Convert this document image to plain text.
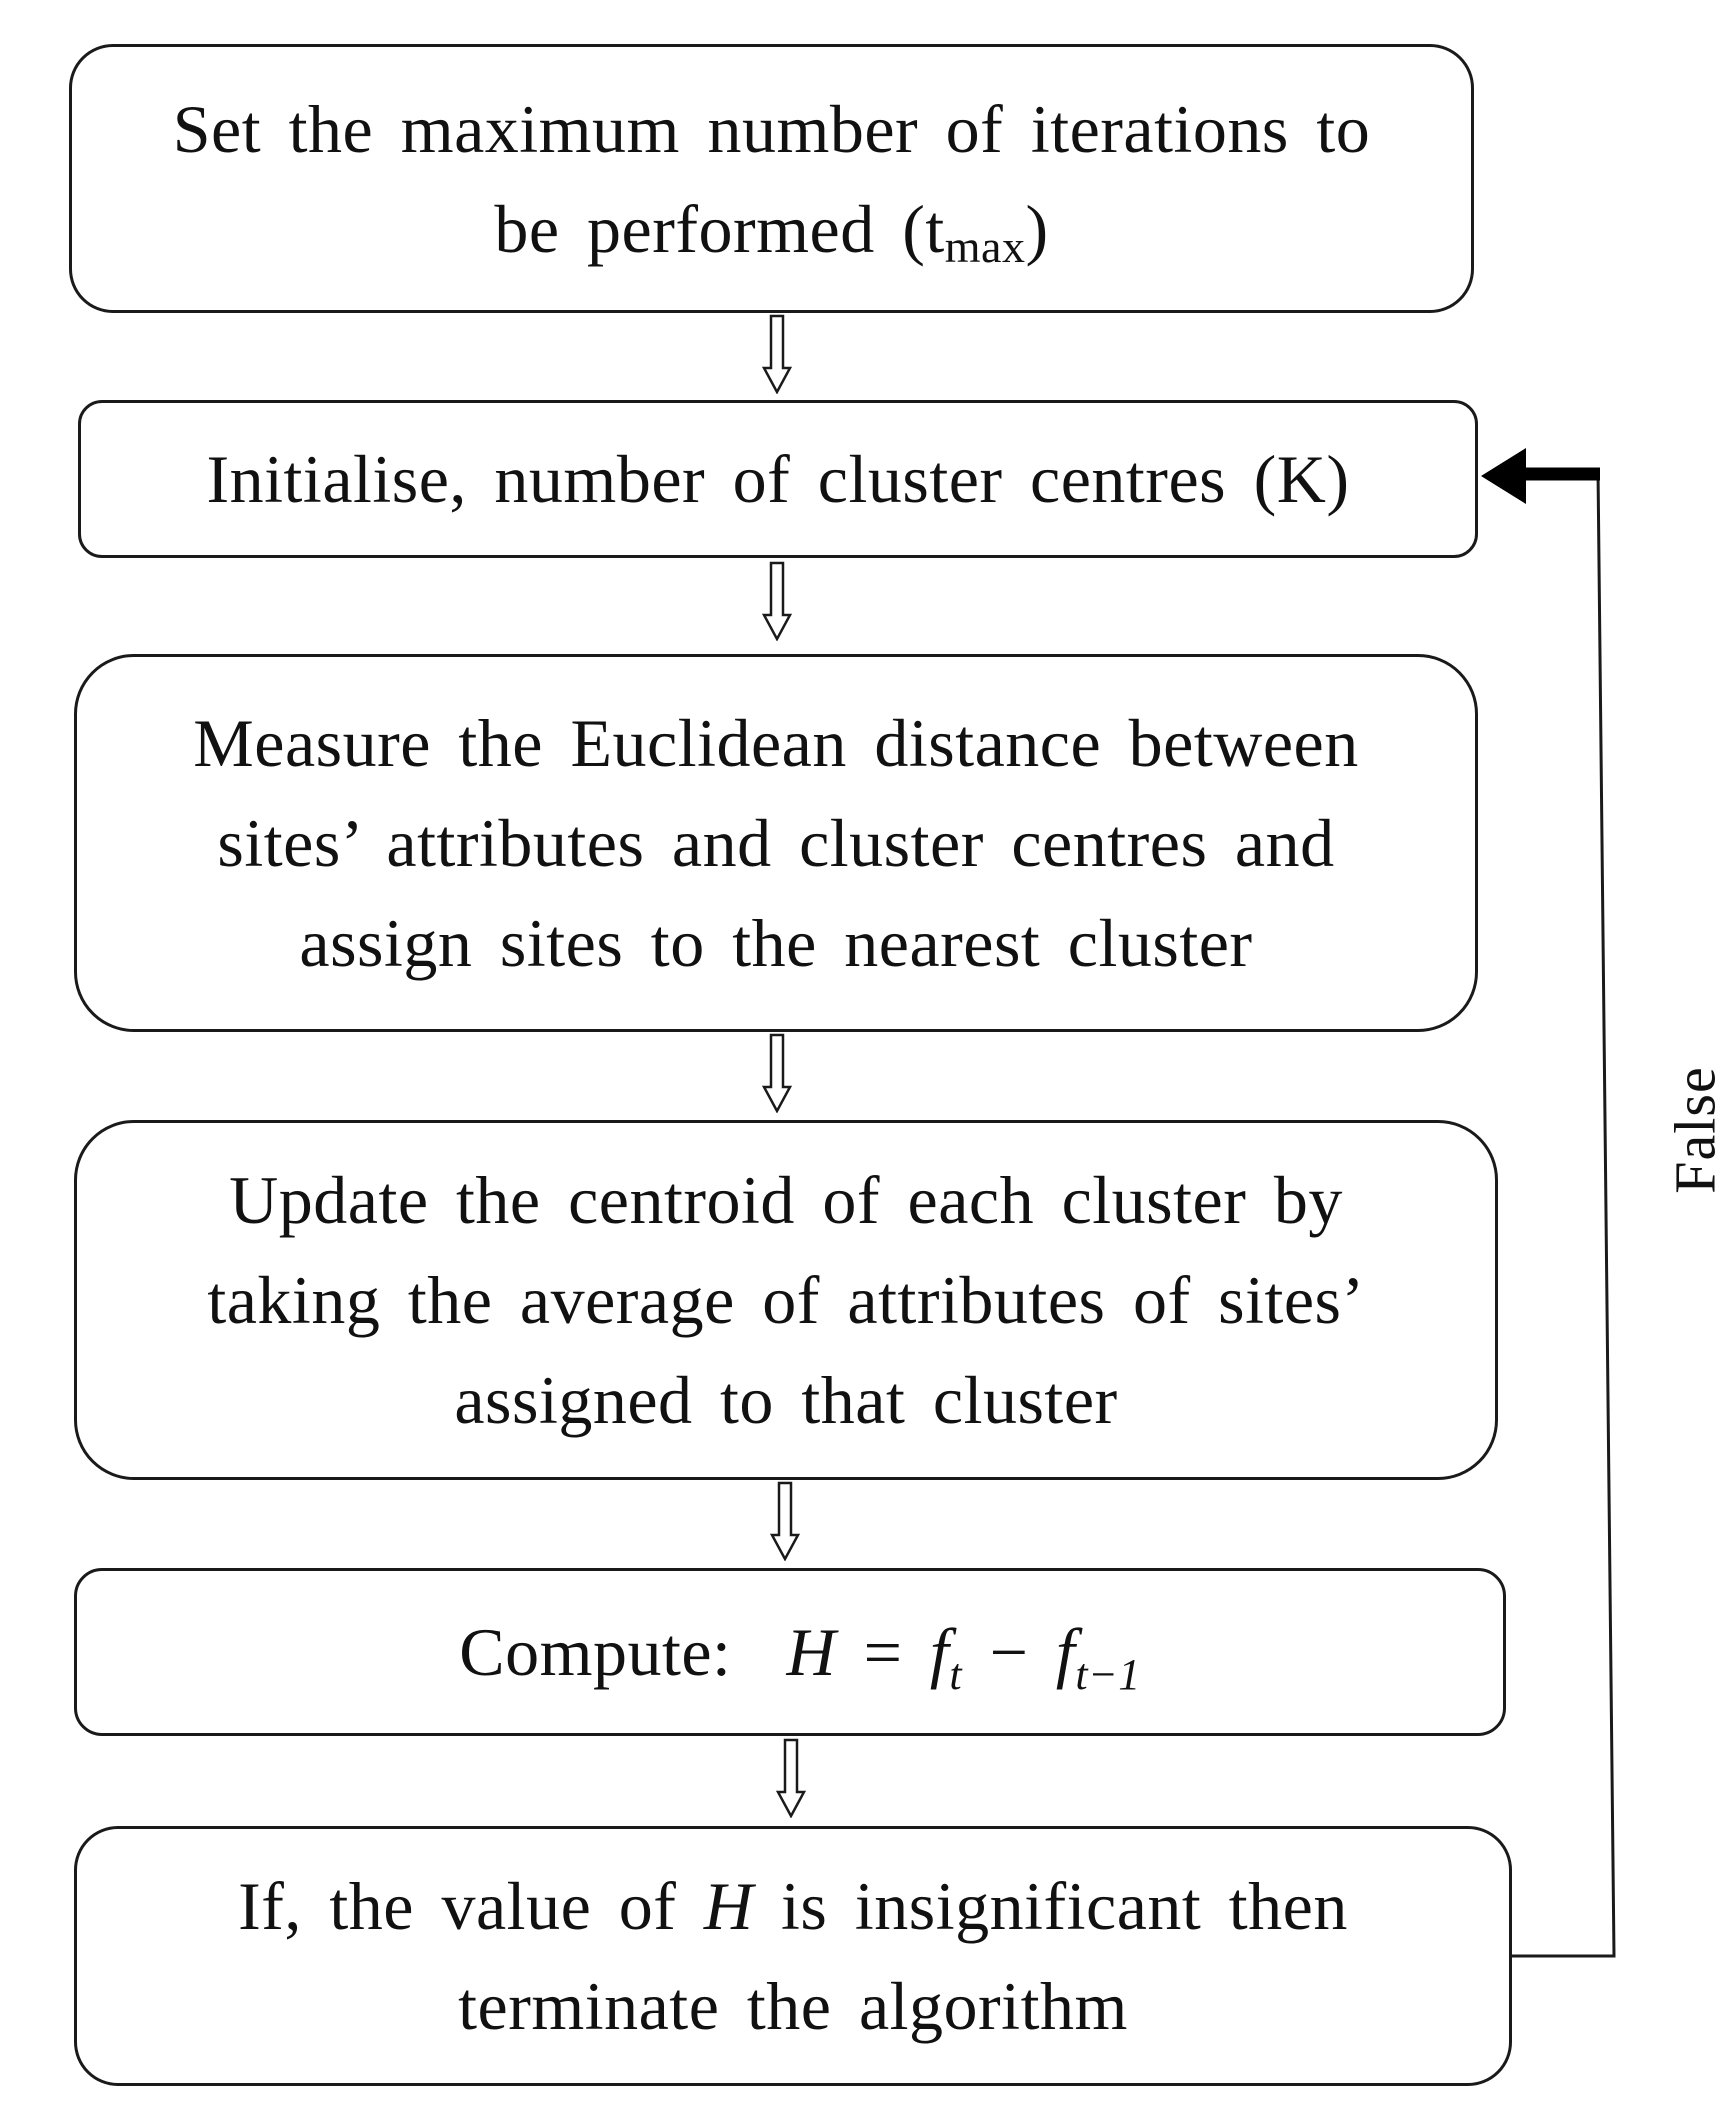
Set the maximum number of iterations to
be performed $(t_{max})$
Initialise, number of cluster centres (K)
Measure the Euclidean distance between
sites’ attributes and cluster centres and
assign sites to the nearest cluster
Update the centroid of each cluster by
taking the average of attributes of sites’
assigned to that cluster
Compute: $H = f_t - f_{t-1}$
If, the value of H is insignificant then
terminate the algorithm
False
